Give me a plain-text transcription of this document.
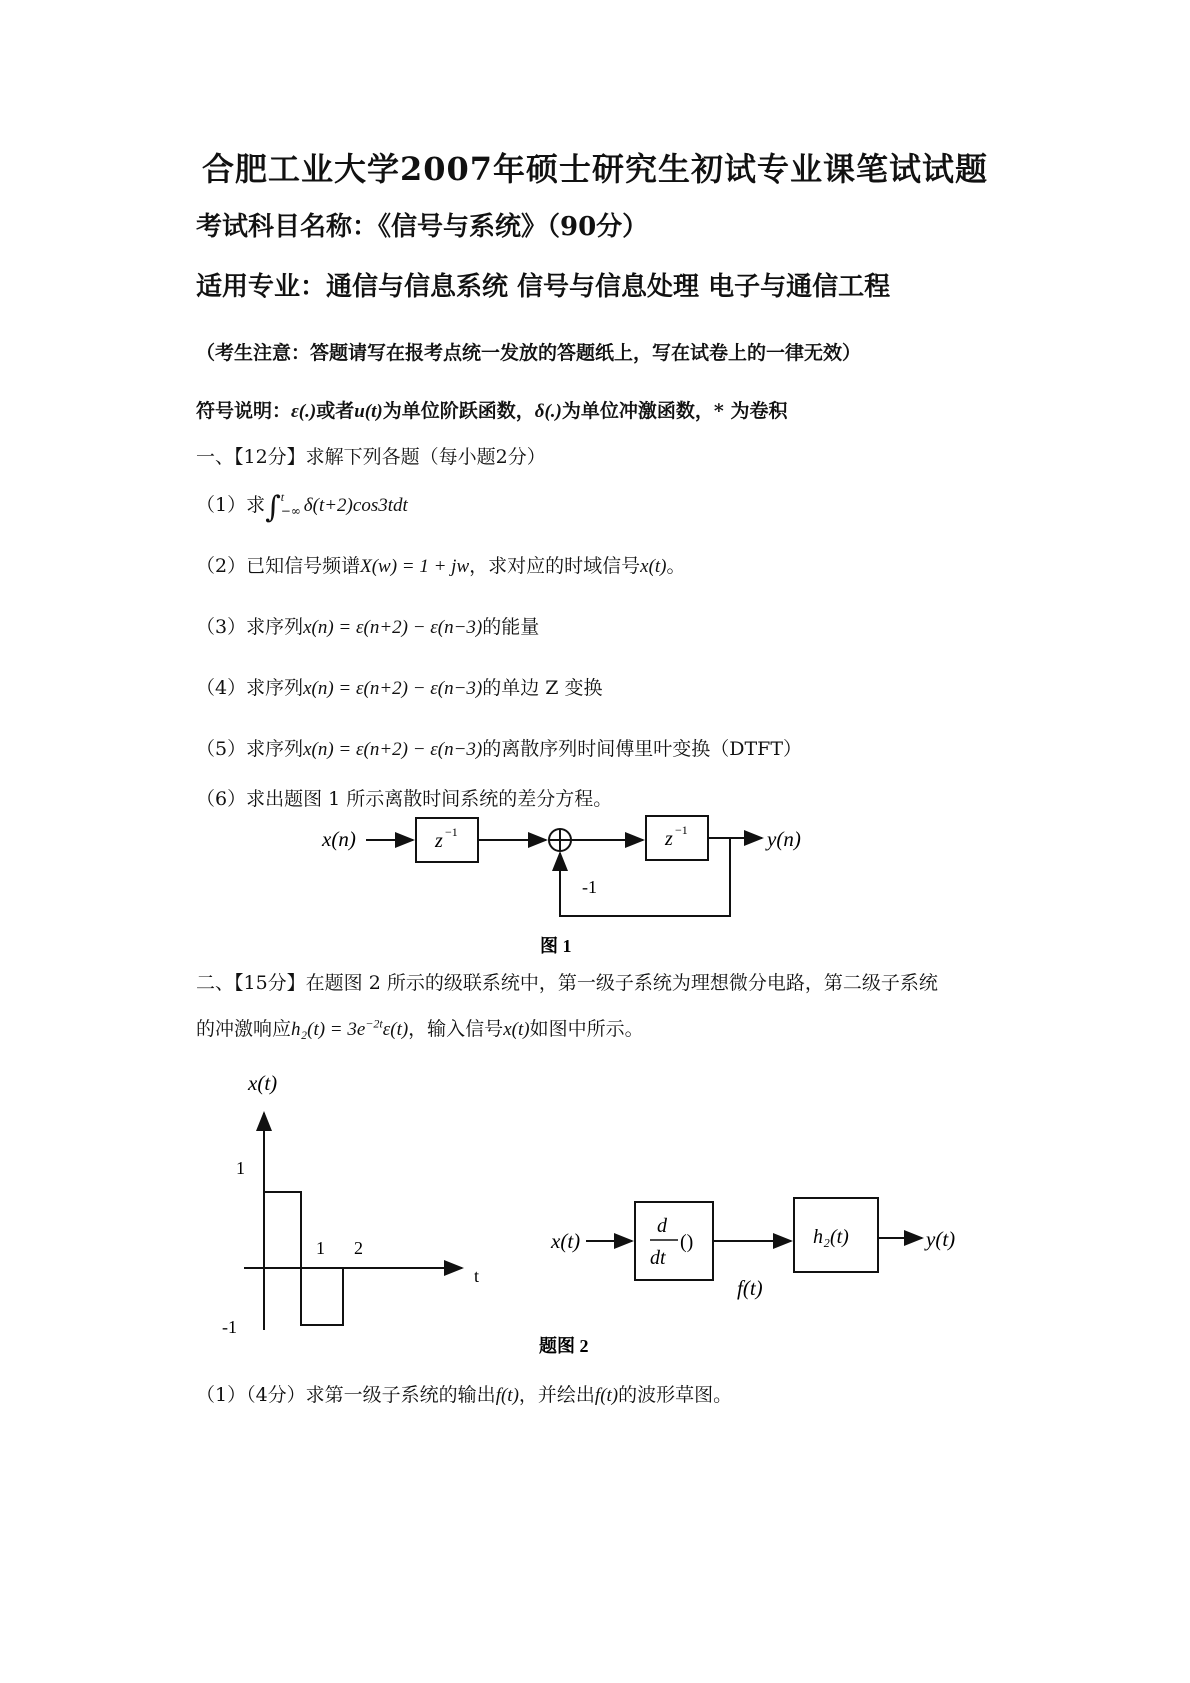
合肥工业大学2007年硕士研究生初试专业课笔试试题
考试科目名称：《信号与系统》（90分）
适用专业：通信与信息系统 信号与信息处理 电子与通信工程
（考生注意：答题请写在报考点统一发放的答题纸上，写在试卷上的一律无效）
符号说明：ε(.)或者u(t)为单位阶跃函数，δ(.)为单位冲激函数，* 为卷积
一、【12分】求解下列各题（每小题2分）
（1）求∫ t
−∞ δ(t+2)cos3tdt
（2）已知信号频谱X(w) = 1 + jw，求对应的时域信号x(t)。
（3）求序列x(n) = ε(n+2) − ε(n−3)的能量
（4）求序列x(n) = ε(n+2) − ε(n−3)的单边 Z 变换
（5）求序列x(n) = ε(n+2) − ε(n−3)的离散序列时间傅里叶变换（DTFT）
（6）求出题图 1 所示离散时间系统的差分方程。
二、【15分】在题图 2 所示的级联系统中，第一级子系统为理想微分电路，第二级子系统
的冲激响应$h_2(t) = 3e^{-2t}\varepsilon(t)$，输入信号x(t)如图中所示。
（1）（4分）求第一级子系统的输出f(t)，并绘出f(t)的波形草图。
x(n)	z −1	z −1	y(n)
-1
图 1
x(t)
1
-1
1 2
t
x(t)
d
dt
()
f(t)
h₂(t)	y(t)
题图 2
